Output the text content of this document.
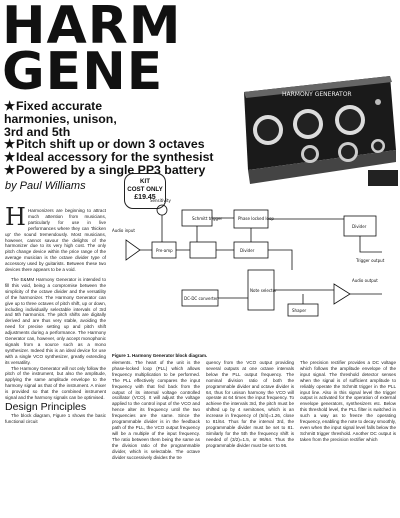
HARM
GENE
★Fixed accurate harmonies, unison, 3rd and 5th
★Pitch shift up or down 3 octaves
★Ideal accessory for the synthesist
★Powered by a single PP3 battery
by Paul Williams	KIT
COST ONLY
£19.45
HARMONY GENERATOR
H Harmonizers are beginning to attract much attention from musicians, particularly for use in live performances where they can 'thicken up' the sound tremendously. Most musicians, however, cannot savour the delights of the harmonizer due to its very high cost. The only pitch change device within the price range of the average musician is the octave divider type of accessory used by guitarists. Between these two devices there appears to be a void.
The E&MM Harmony Generator is intended to fill this void, being a compromise between the simplicity of the octave divider and the versatility of the harmonizer. The Harmony Generator can give up to three octaves of pitch shift, up or down, including individually selectable intervals of 3rd and 5th harmonics. The pitch shifts are digitally derived and are thus very stable, avoiding the need for precise setting up and pitch shift adjustments during a performance. The Harmony Generator can, however, only accept monophonic signals from a source such as a mono synthesizer. Indeed this is an ideal device for use with a single VCO synthesizer, greatly extending its versatility.
The Harmony Generator will not only follow the pitch of the instrument, but also the amplitude, applying the same amplitude envelope to the harmony signal as that of the instrument. A mixer is provided so that the combined instrument signal and the harmony signals can be optimised.
Design Principles
The block diagram, Figure 1 shows the basic functional circuit
Schmitt trigger	Phase locked loop
Divider
DC-DC converter
Pre-amp	Divider
Note selector
Shaper
Sensitivity
Audio input
Audio output
Trigger output
Figure 1. Harmony Generator block diagram.
elements. The heart of the unit is the phase-locked loop (PLL) which allows frequency multiplication to be performed. The PLL effectively compares the input frequency with that fed back from the output of its internal voltage controlled oscillator (VCO). It will adjust the voltage applied to the control input of the VCO and hence alter its frequency until the two frequencies are the same. Since the programmable divider is in the feedback path of the PLL, the VCO output frequency will be a multiple of the input frequency. The ratio between them being the same as the division ratio of the programmable divider, which is selectable. The octave divider successively divides the tre
quency from the VCO output providing several outputs at one octave intervals below the PLL output frequency. The nominal division ratio of both the programmable divider and octave divider is 64, thus for unison harmony the VCO will operate at 64 times the input frequency. To achieve the intervals 3rd, the pitch must be shifted up by 4 semitones, which is an increase in frequency of (5/4)=1.26, close to 81/64. Thus for the interval 3rd, the programmable divider must be set to 81. Similarly for the 5th the frequency shift is needed of (3/2)=1.5, or 96/64. Thus the programmable divider must be set to 96.
The precision rectifier provides a DC voltage which follows the amplitude envelope of the input signal. The threshold detector senses when the signal is of sufficient amplitude to reliably operate the Schmitt trigger in the PLL input line. Also in this signal level the trigger output is activated for the operation of external envelope generators, synthesizers etc. Below this threshold level, the PLL filter is switched in such a way as to freeze the operating frequency, enabling the note to decay smoothly, even when the input signal level falls below the Schmitt trigger threshold. Another DC output is taken from the precision rectifier which
